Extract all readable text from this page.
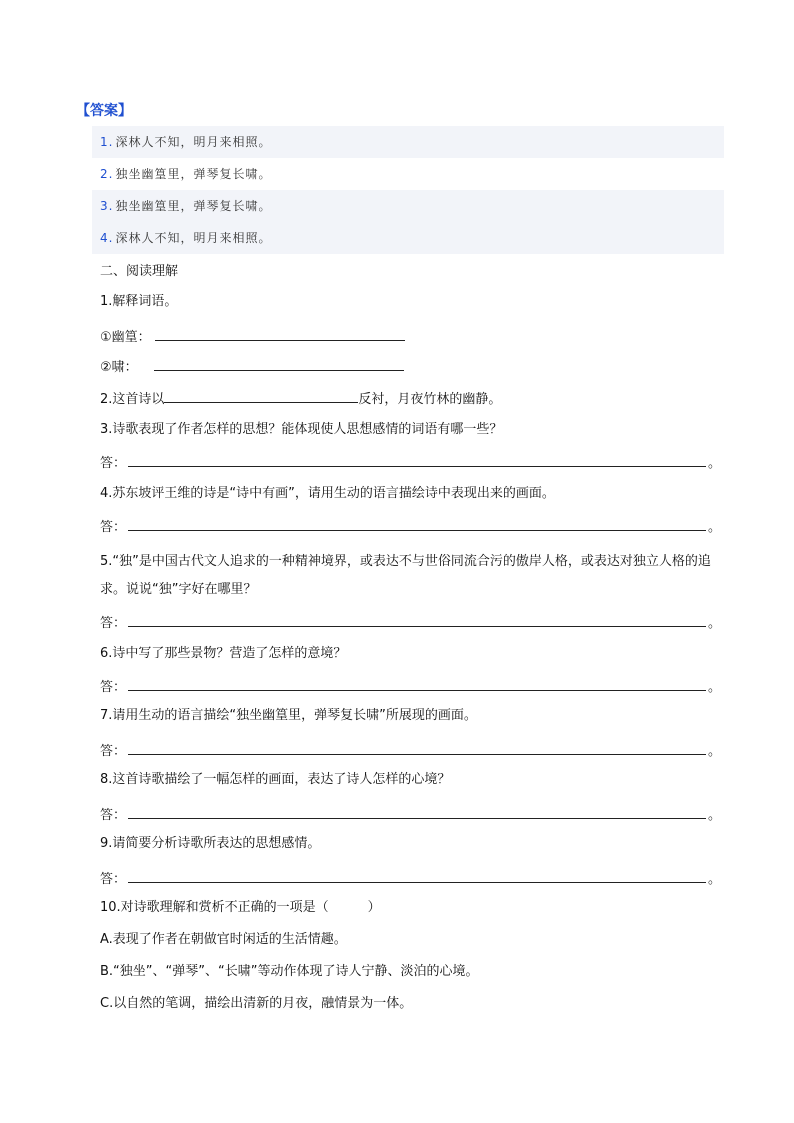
【答案】
1. 深林人不知，明月来相照。
2. 独坐幽篁里，弹琴复长啸。
3. 独坐幽篁里，弹琴复长啸。
4. 深林人不知，明月来相照。
二、阅读理解
1.解释词语。
①幽篁：
②啸：
2.这首诗以	反衬，月夜竹林的幽静。
3.诗歌表现了作者怎样的思想？能体现使人思想感情的词语有哪一些？
答：	。
4.苏东坡评王维的诗是“诗中有画”，请用生动的语言描绘诗中表现出来的画面。
答：	。
5.“独”是中国古代文人追求的一种精神境界，或表达不与世俗同流合污的傲岸人格，或表达对独立人格的追求。说说“独”字好在哪里？
答：	。
6.诗中写了那些景物？营造了怎样的意境？
答：	。
7.请用生动的语言描绘“独坐幽篁里，弹琴复长啸”所展现的画面。
答：	。
8.这首诗歌描绘了一幅怎样的画面，表达了诗人怎样的心境？
答：	。
9.请简要分析诗歌所表达的思想感情。
答：	。
10.对诗歌理解和赏析不正确的一项是（　　　）
A.表现了作者在朝做官时闲适的生活情趣。
B.“独坐”、“弹琴”、“长啸”等动作体现了诗人宁静、淡泊的心境。
C.以自然的笔调，描绘出清新的月夜，融情景为一体。
